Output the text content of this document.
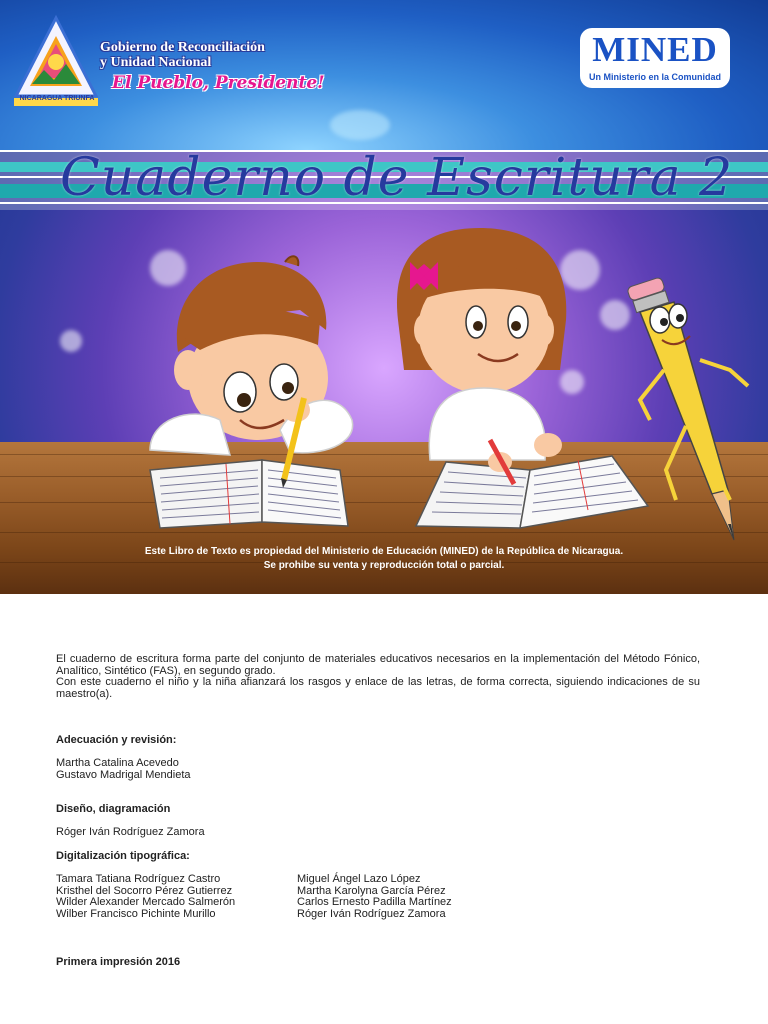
NICARAGUA TRIUNFA
Gobierno de Reconciliación
y Unidad Nacional

El Pueblo, Presidente!

MINED

Un Ministerio en la Comunidad

Cuaderno de Escritura 2

Este Libro de Texto es propiedad del Ministerio de Educación (MINED) de la República de Nicaragua.
Se prohibe su venta y reproducción total o parcial.

El cuaderno de escritura forma parte del conjunto de materiales educativos necesarios en la implementación del Método Fónico, Analítico, Sintético (FAS), en segundo grado.

Con este cuaderno el niño y la niña afianzará los rasgos y enlace de las letras, de forma correcta, siguiendo indicaciones de su maestro(a).

Adecuación y revisión:

Martha Catalina Acevedo
Gustavo Madrigal Mendieta

Diseño, diagramación

Róger Iván Rodríguez Zamora

Digitalización tipográfica:

Tamara Tatiana Rodríguez Castro
Kristhel del Socorro Pérez Gutierrez
Wilder Alexander Mercado Salmerón
Wilber Francisco Pichinte Murillo

Miguel Ángel Lazo López
Martha Karolyna García Pérez
Carlos Ernesto Padilla Martínez
Róger Iván Rodríguez Zamora

Primera impresión 2016
